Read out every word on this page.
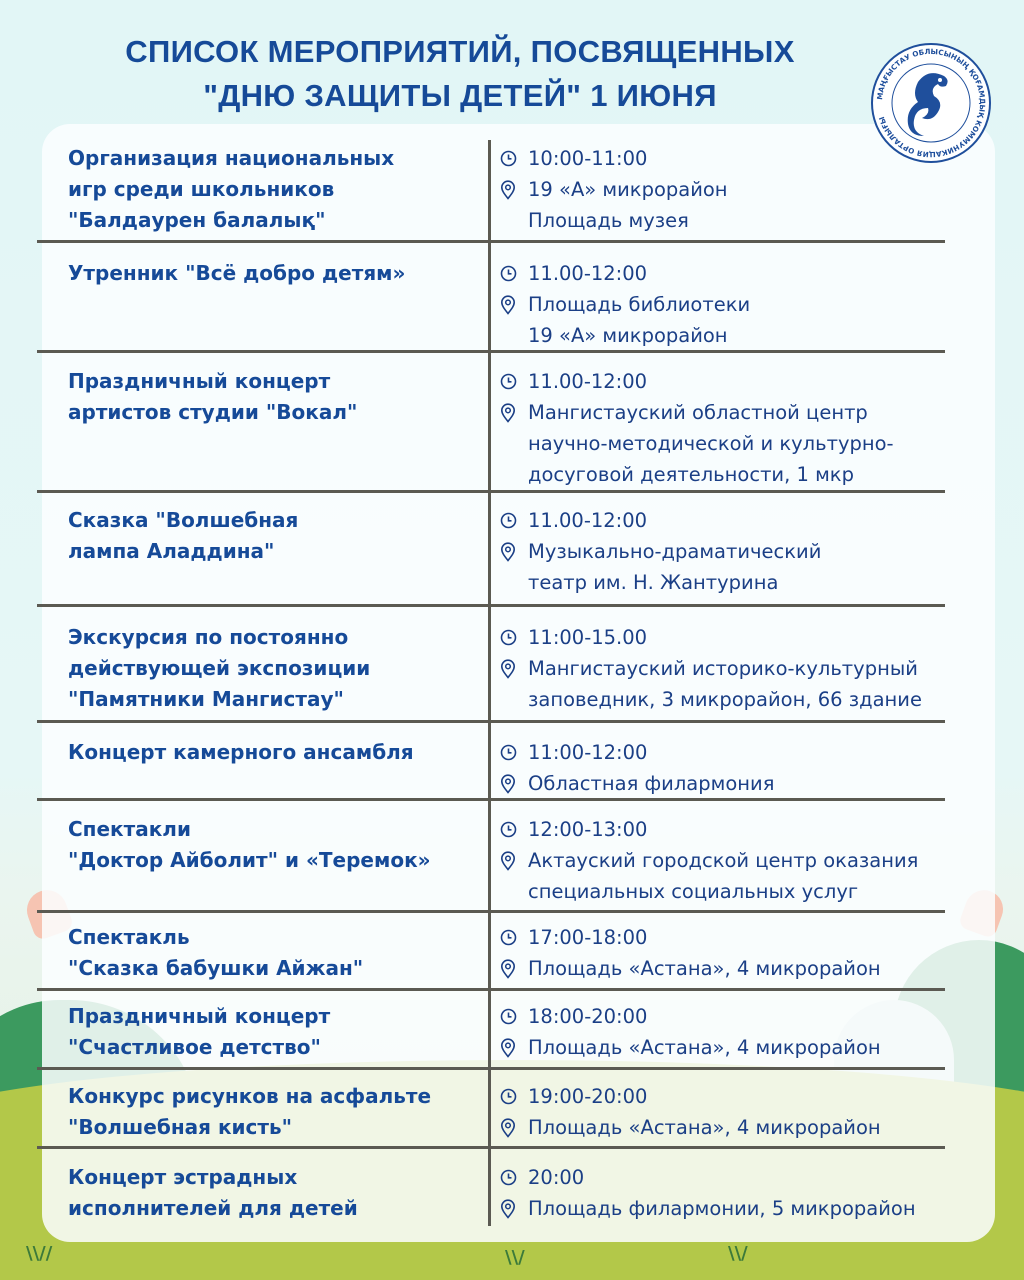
\\//	\\/	\\/
СПИСОК МЕРОПРИЯТИЙ, ПОСВЯЩЕННЫХ
"ДНЮ ЗАЩИТЫ ДЕТЕЙ" 1 ИЮНЯ	МАҢҒЫСТАУ ОБЛЫСЫНЫҢ ҚОҒАМДЫҚ КОММУНИКАЦИЯ ОРТАЛЫҒЫ
Организация национальных
игр среди школьников
"Балдаурен балалық"
10:00-11:00
19 «А» микрорайон
Площадь музея
Утренник "Всё добро детям»	11.00-12:00
Площадь библиотеки
19 «А» микрорайон
Праздничный концерт
артистов студии "Вокал"
11.00-12:00
Мангистауский областной центр
научно-методической и культурно-
досуговой деятельности, 1 мкр
Сказка "Волшебная
лампа Аладдина"
11.00-12:00
Музыкально-драматический
театр им. Н. Жантурина
Экскурсия по постоянно
действующей экспозиции
"Памятники Мангистау"
11:00-15.00
Мангистауский историко-культурный
заповедник, 3 микрорайон, 66 здание
Концерт камерного ансамбля	11:00-12:00
Областная филармония
Спектакли
"Доктор Айболит" и «Теремок»
12:00-13:00
Актауский городской центр оказания
специальных социальных услуг
Спектакль
"Сказка бабушки Айжан"
17:00-18:00
Площадь «Астана», 4 микрорайон
Праздничный концерт
"Счастливое детство"
18:00-20:00
Площадь «Астана», 4 микрорайон
Конкурс рисунков на асфальте
"Волшебная кисть"
19:00-20:00
Площадь «Астана», 4 микрорайон
Концерт эстрадных
исполнителей для детей
20:00
Площадь филармонии, 5 микрорайон
